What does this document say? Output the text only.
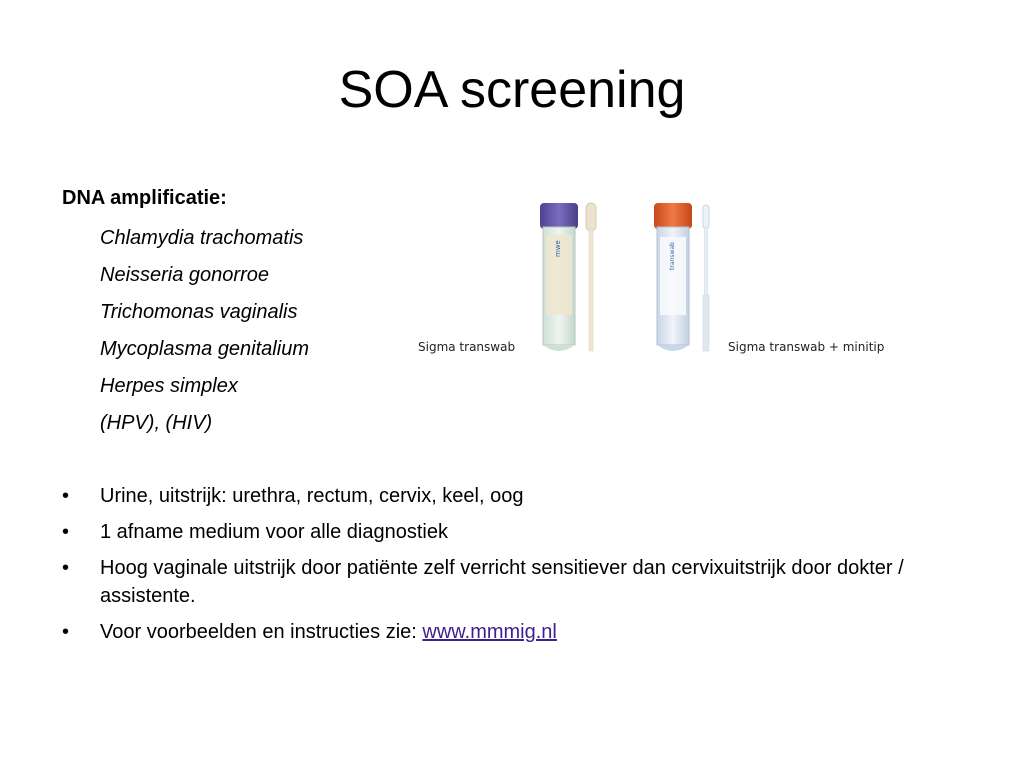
SOA screening
DNA amplificatie:
Chlamydia trachomatis
Neisseria gonorroe
Trichomonas vaginalis
Mycoplasma genitalium
Herpes simplex
(HPV), (HIV)
mwe	transwab
Sigma transwab	Sigma transwab + minitip
• Urine, uitstrijk: urethra, rectum, cervix, keel, oog
• 1 afname medium voor alle diagnostiek
• Hoog vaginale uitstrijk door patiënte zelf verricht sensitiever dan cervixuitstrijk door dokter / assistente.
• Voor voorbeelden en instructies zie: www.mmmig.nl
